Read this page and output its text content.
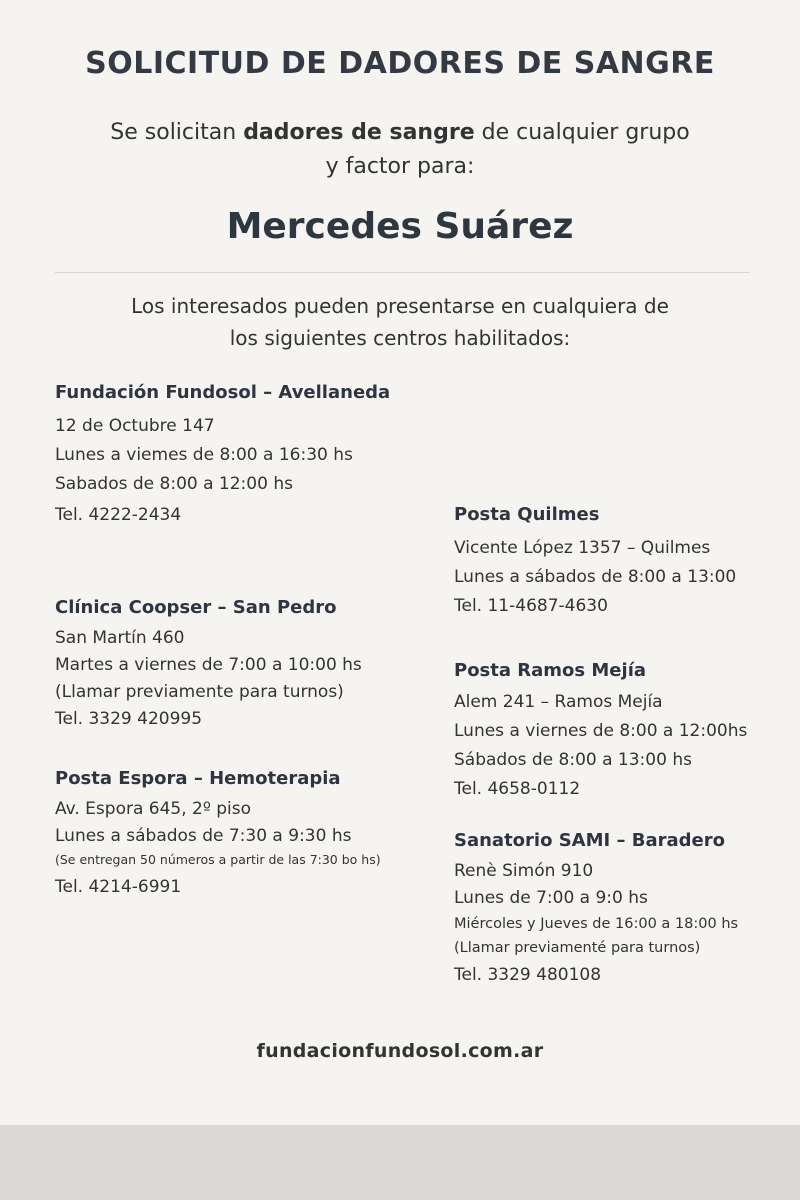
SOLICITUD DE DADORES DE SANGRE
Se solicitan dadores de sangre de cualquier grupo
y factor para:
Mercedes Suárez
Los interesados pueden presentarse en cualquiera de
los siguientes centros habilitados:
Fundación Fundosol – Avellaneda
12 de Octubre 147
Lunes a viemes de 8:00 a 16:30 hs
Sabados de 8:00 a 12:00 hs
Tel. 4222-2434
Clínica Coopser – San Pedro
San Martín 460
Martes a viernes de 7:00 a 10:00 hs
(Llamar previamente para turnos)
Tel. 3329 420995
Posta Espora – Hemoterapia
Av. Espora 645, 2º piso
Lunes a sábados de 7:30 a 9:30 hs
(Se entregan 50 números a partir de las 7:30 bo hs)
Tel. 4214-6991
Posta Quilmes
Vicente López 1357 – Quilmes
Lunes a sábados de 8:00 a 13:00
Tel. 11-4687-4630
Posta Ramos Mejía
Alem 241 – Ramos Mejía
Lunes a viernes de 8:00 a 12:00hs
Sábados de 8:00 a 13:00 hs
Tel. 4658-0112
Sanatorio SAMI – Baradero
Renè Simón 910
Lunes de 7:00 a 9:0 hs
Miércoles y Jueves de 16:00 a 18:00 hs
(Llamar previamenté para turnos)
Tel. 3329 480108
fundacionfundosol.com.ar
